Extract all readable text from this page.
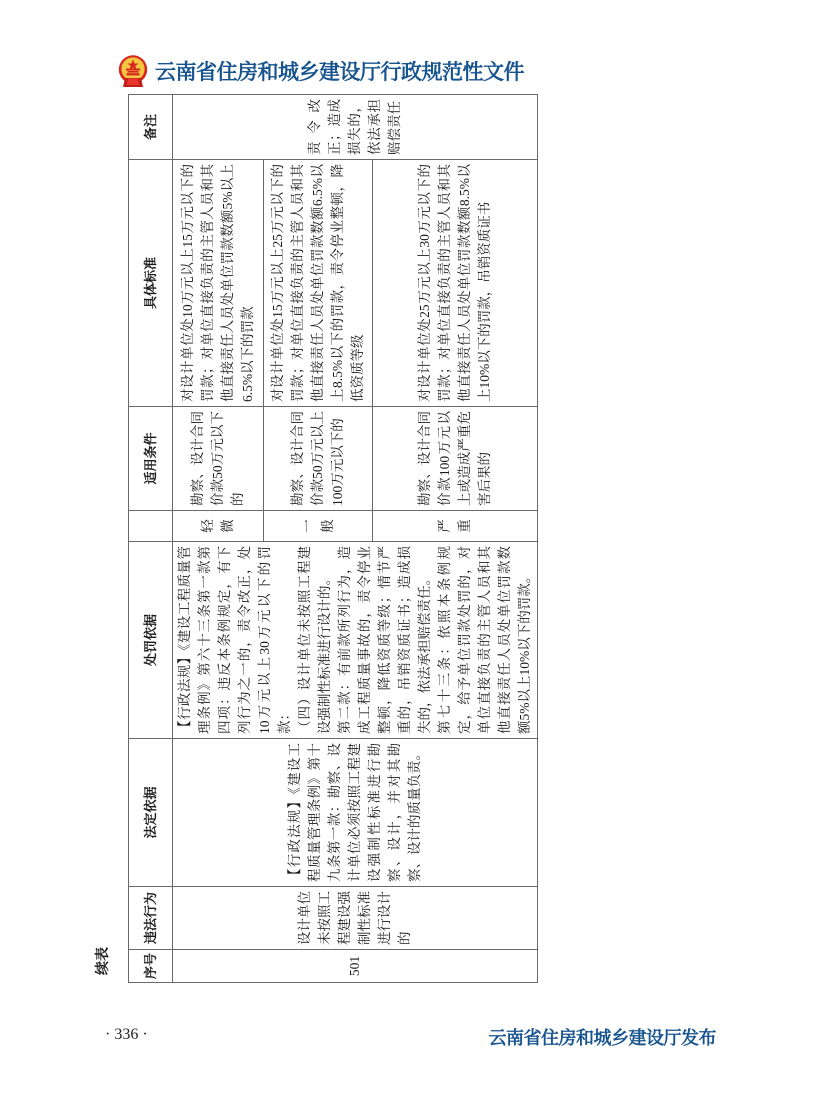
云南省住房和城乡建设厅行政规范性文件
续表	序号	违法行为	法定依据	处罚依据		适用条件	具体标准	备注
501	设计单位未按照工程建设强制性标准进行设计的	【行政法规】《建设工程质量管理条例》第十九条第一款：勘察、设计单位必须按照工程建设强制性标准进行勘察、设计，并对其勘察、设计的质量负责。	【行政法规】《建设工程质量管理条例》第六十三条第一款第四项：违反本条例规定，有下列行为之一的，责令改正，处10万元以上30万元以下的罚款： （四）设计单位未按照工程建设强制性标准进行设计的。 第二款：有前款所列行为，造成工程质量事故的，责令停业整顿，降低资质等级；情节严重的，吊销资质证书；造成损失的，依法承担赔偿责任。 第七十三条：依照本条例规定，给予单位罚款处罚的，对单位直接负责的主管人员和其他直接责任人员处单位罚款数额5%以上10%以下的罚款。	轻微	勘察、设计合同价款50万元以下的	对设计单位处10万元以上15万元以下的罚款；对单位直接负责的主管人员和其他直接责任人员处单位罚款数额5%以上6.5%以下的罚款	责令改正；造成损失的，依法承担赔偿责任
				一般	勘察、设计合同价款50万元以上100万元以下的	对设计单位处15万元以上25万元以下的罚款；对单位直接负责的主管人员和其他直接责任人员处单位罚款数额6.5%以上8.5%以下的罚款，责令停业整顿，降低资质等级	
				严重	勘察、设计合同价款100万元以上或造成严重危害后果的	对设计单位处25万元以上30万元以下的罚款；对单位直接负责的主管人员和其他直接责任人员处单位罚款数额8.5%以上10%以下的罚款，吊销资质证书	
· 336 ·	云南省住房和城乡建设厅发布
